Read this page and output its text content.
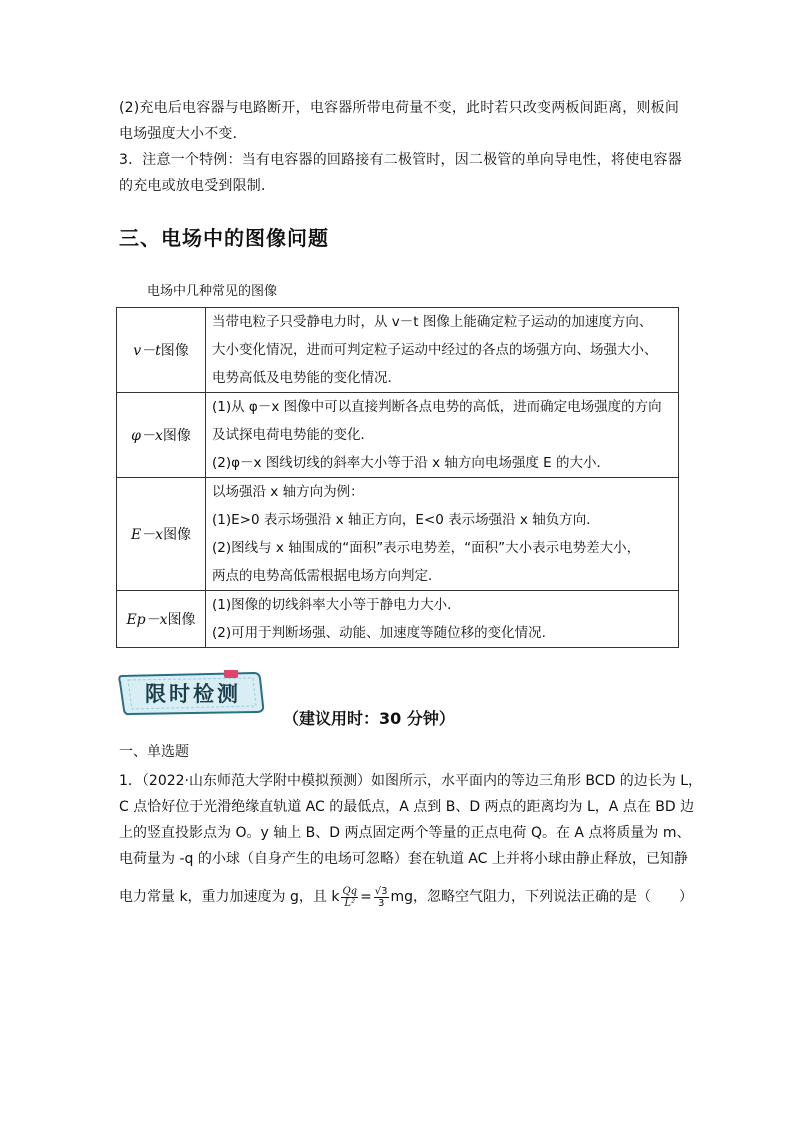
(2)充电后电容器与电路断开，电容器所带电荷量不变，此时若只改变两板间距离，则板间
电场强度大小不变．
3．注意一个特例：当有电容器的回路接有二极管时，因二极管的单向导电性，将使电容器
的充电或放电受到限制．
三、电场中的图像问题
电场中几种常见的图像
v－t图像	当带电粒子只受静电力时，从 v－t 图像上能确定粒子运动的加速度方向、
大小变化情况，进而可判定粒子运动中经过的各点的场强方向、场强大小、
电势高低及电势能的变化情况．

φ－x图像	(1)从 φ－x 图像中可以直接判断各点电势的高低，进而确定电场强度的方向
及试探电荷电势能的变化．
(2)φ－x 图线切线的斜率大小等于沿 x 轴方向电场强度 E 的大小．

E－x图像	以场强沿 x 轴方向为例：
(1)E>0 表示场强沿 x 轴正方向，E<0 表示场强沿 x 轴负方向．
(2)图线与 x 轴围成的“面积”表示电势差，“面积”大小表示电势差大小，
两点的电势高低需根据电场方向判定．

Ep－x图像	(1)图像的切线斜率大小等于静电力大小．
(2)可用于判断场强、动能、加速度等随位移的变化情况.
限时检测
（建议用时：30 分钟）
一、单选题
1．（2022·山东师范大学附中模拟预测）如图所示，水平面内的等边三角形 BCD 的边长为 L，
C 点恰好位于光滑绝缘直轨道 AC 的最低点，A 点到 B、D 两点的距离均为 L，A 点在 BD 边
上的竖直投影点为 O。y 轴上 B、D 两点固定两个等量的正点电荷 Q。在 A 点将质量为 m、
电荷量为 -q 的小球（自身产生的电场可忽略）套在轨道 AC 上并将小球由静止释放，已知静
电力常量 k，重力加速度为 g，且 k $\frac{Qq}{\text{L²}} = \frac{√3}{3}$ mg，忽略空气阻力，下列说法正确的是（　　）
